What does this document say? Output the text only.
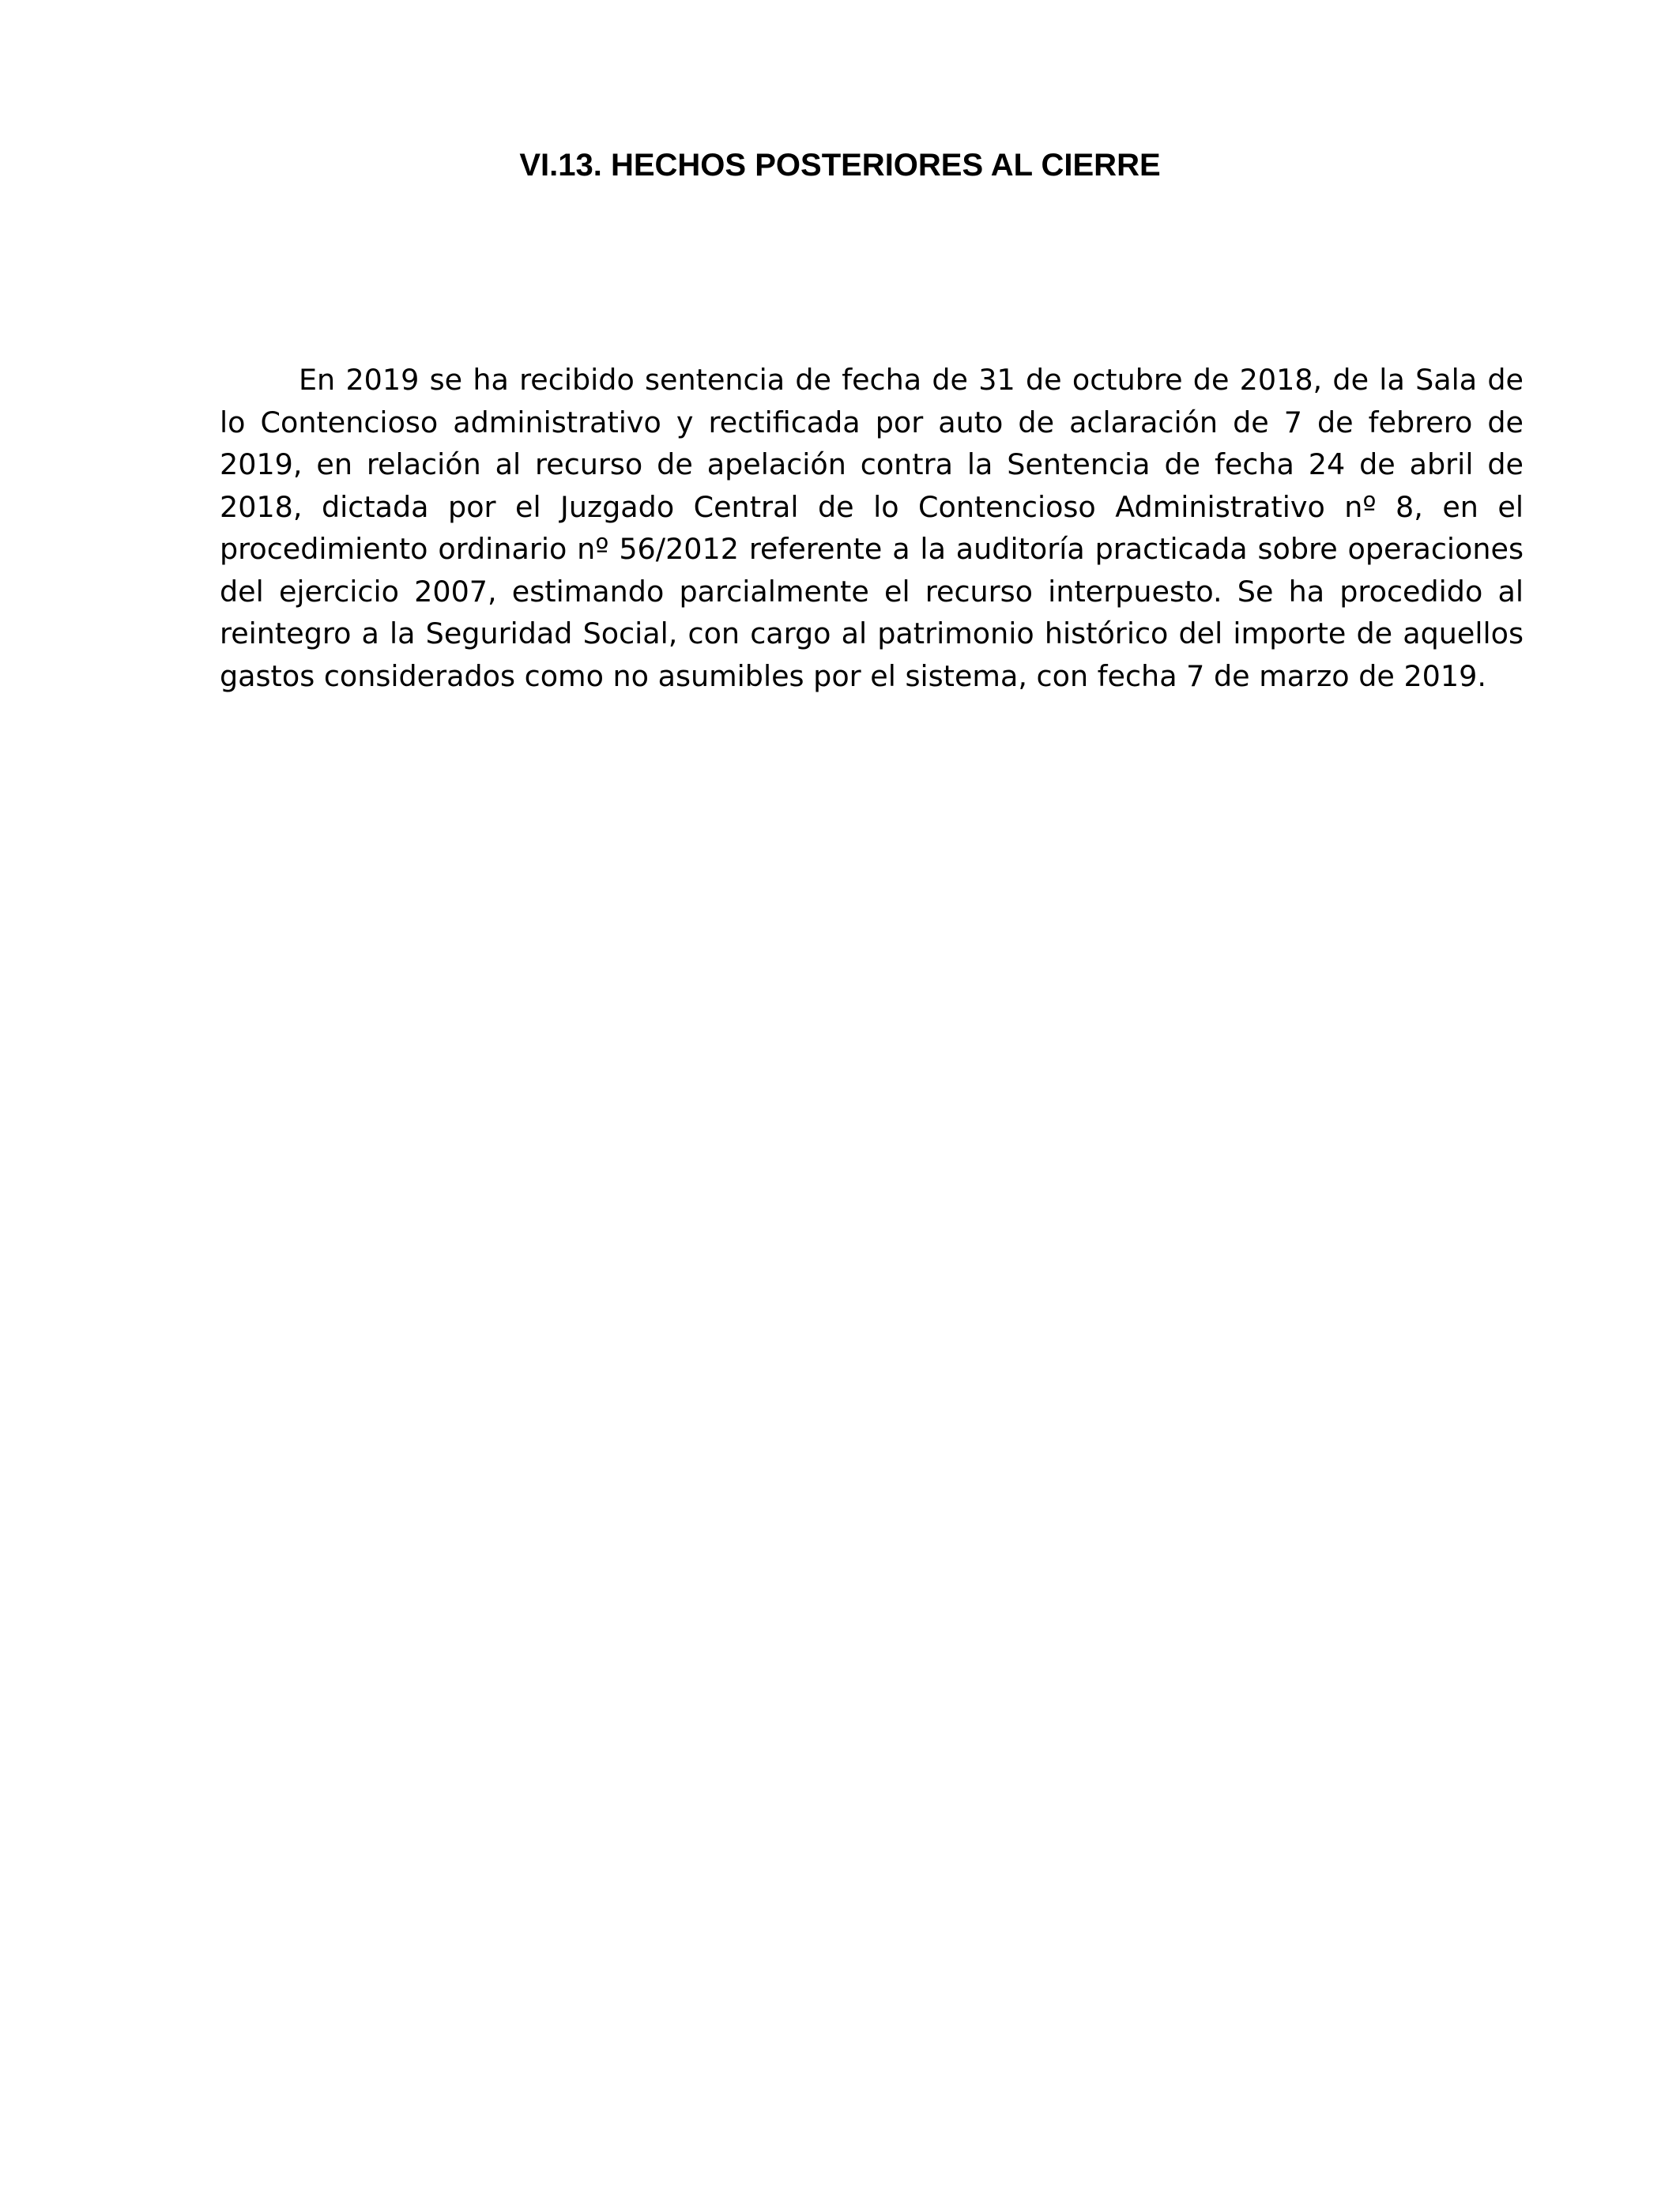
VI.13. HECHOS POSTERIORES AL CIERRE

En 2019 se ha recibido sentencia de fecha de 31 de octubre de 2018, de la Sala de lo Contencioso administrativo y rectificada por auto de aclaración de 7 de febrero de 2019, en relación al recurso de apelación contra la Sentencia de fecha 24 de abril de 2018, dictada por el Juzgado Central de lo Contencioso Administrativo nº 8, en el procedimiento ordinario nº 56/2012 referente a la auditoría practicada sobre operaciones del ejercicio 2007, estimando parcialmente el recurso interpuesto. Se ha procedido al reintegro a la Seguridad Social, con cargo al patrimonio histórico del importe de aquellos gastos considerados como no asumibles por el sistema, con fecha 7 de marzo de 2019.
